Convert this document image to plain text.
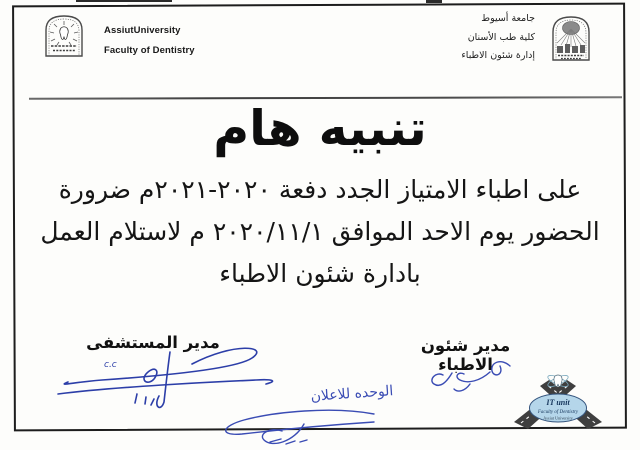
AssiutUniversity
Faculty of Dentistry
جامعة أسيوط
كلية طب الأسنان
إدارة شئون الاطباء
تنبيه هام
على اطباء الامتياز الجدد دفعة ٢٠٢٠-٢٠٢١م ضرورة
الحضور يوم الاحد الموافق ٢٠٢٠/١١/١ م لاستلام العمل
بادارة شئون الاطباء
مدير شئون الاطباء
مدير المستشفى
c.c
الوحده للاعلان	IT unit
Faculty of Dentistry
Assiut University
